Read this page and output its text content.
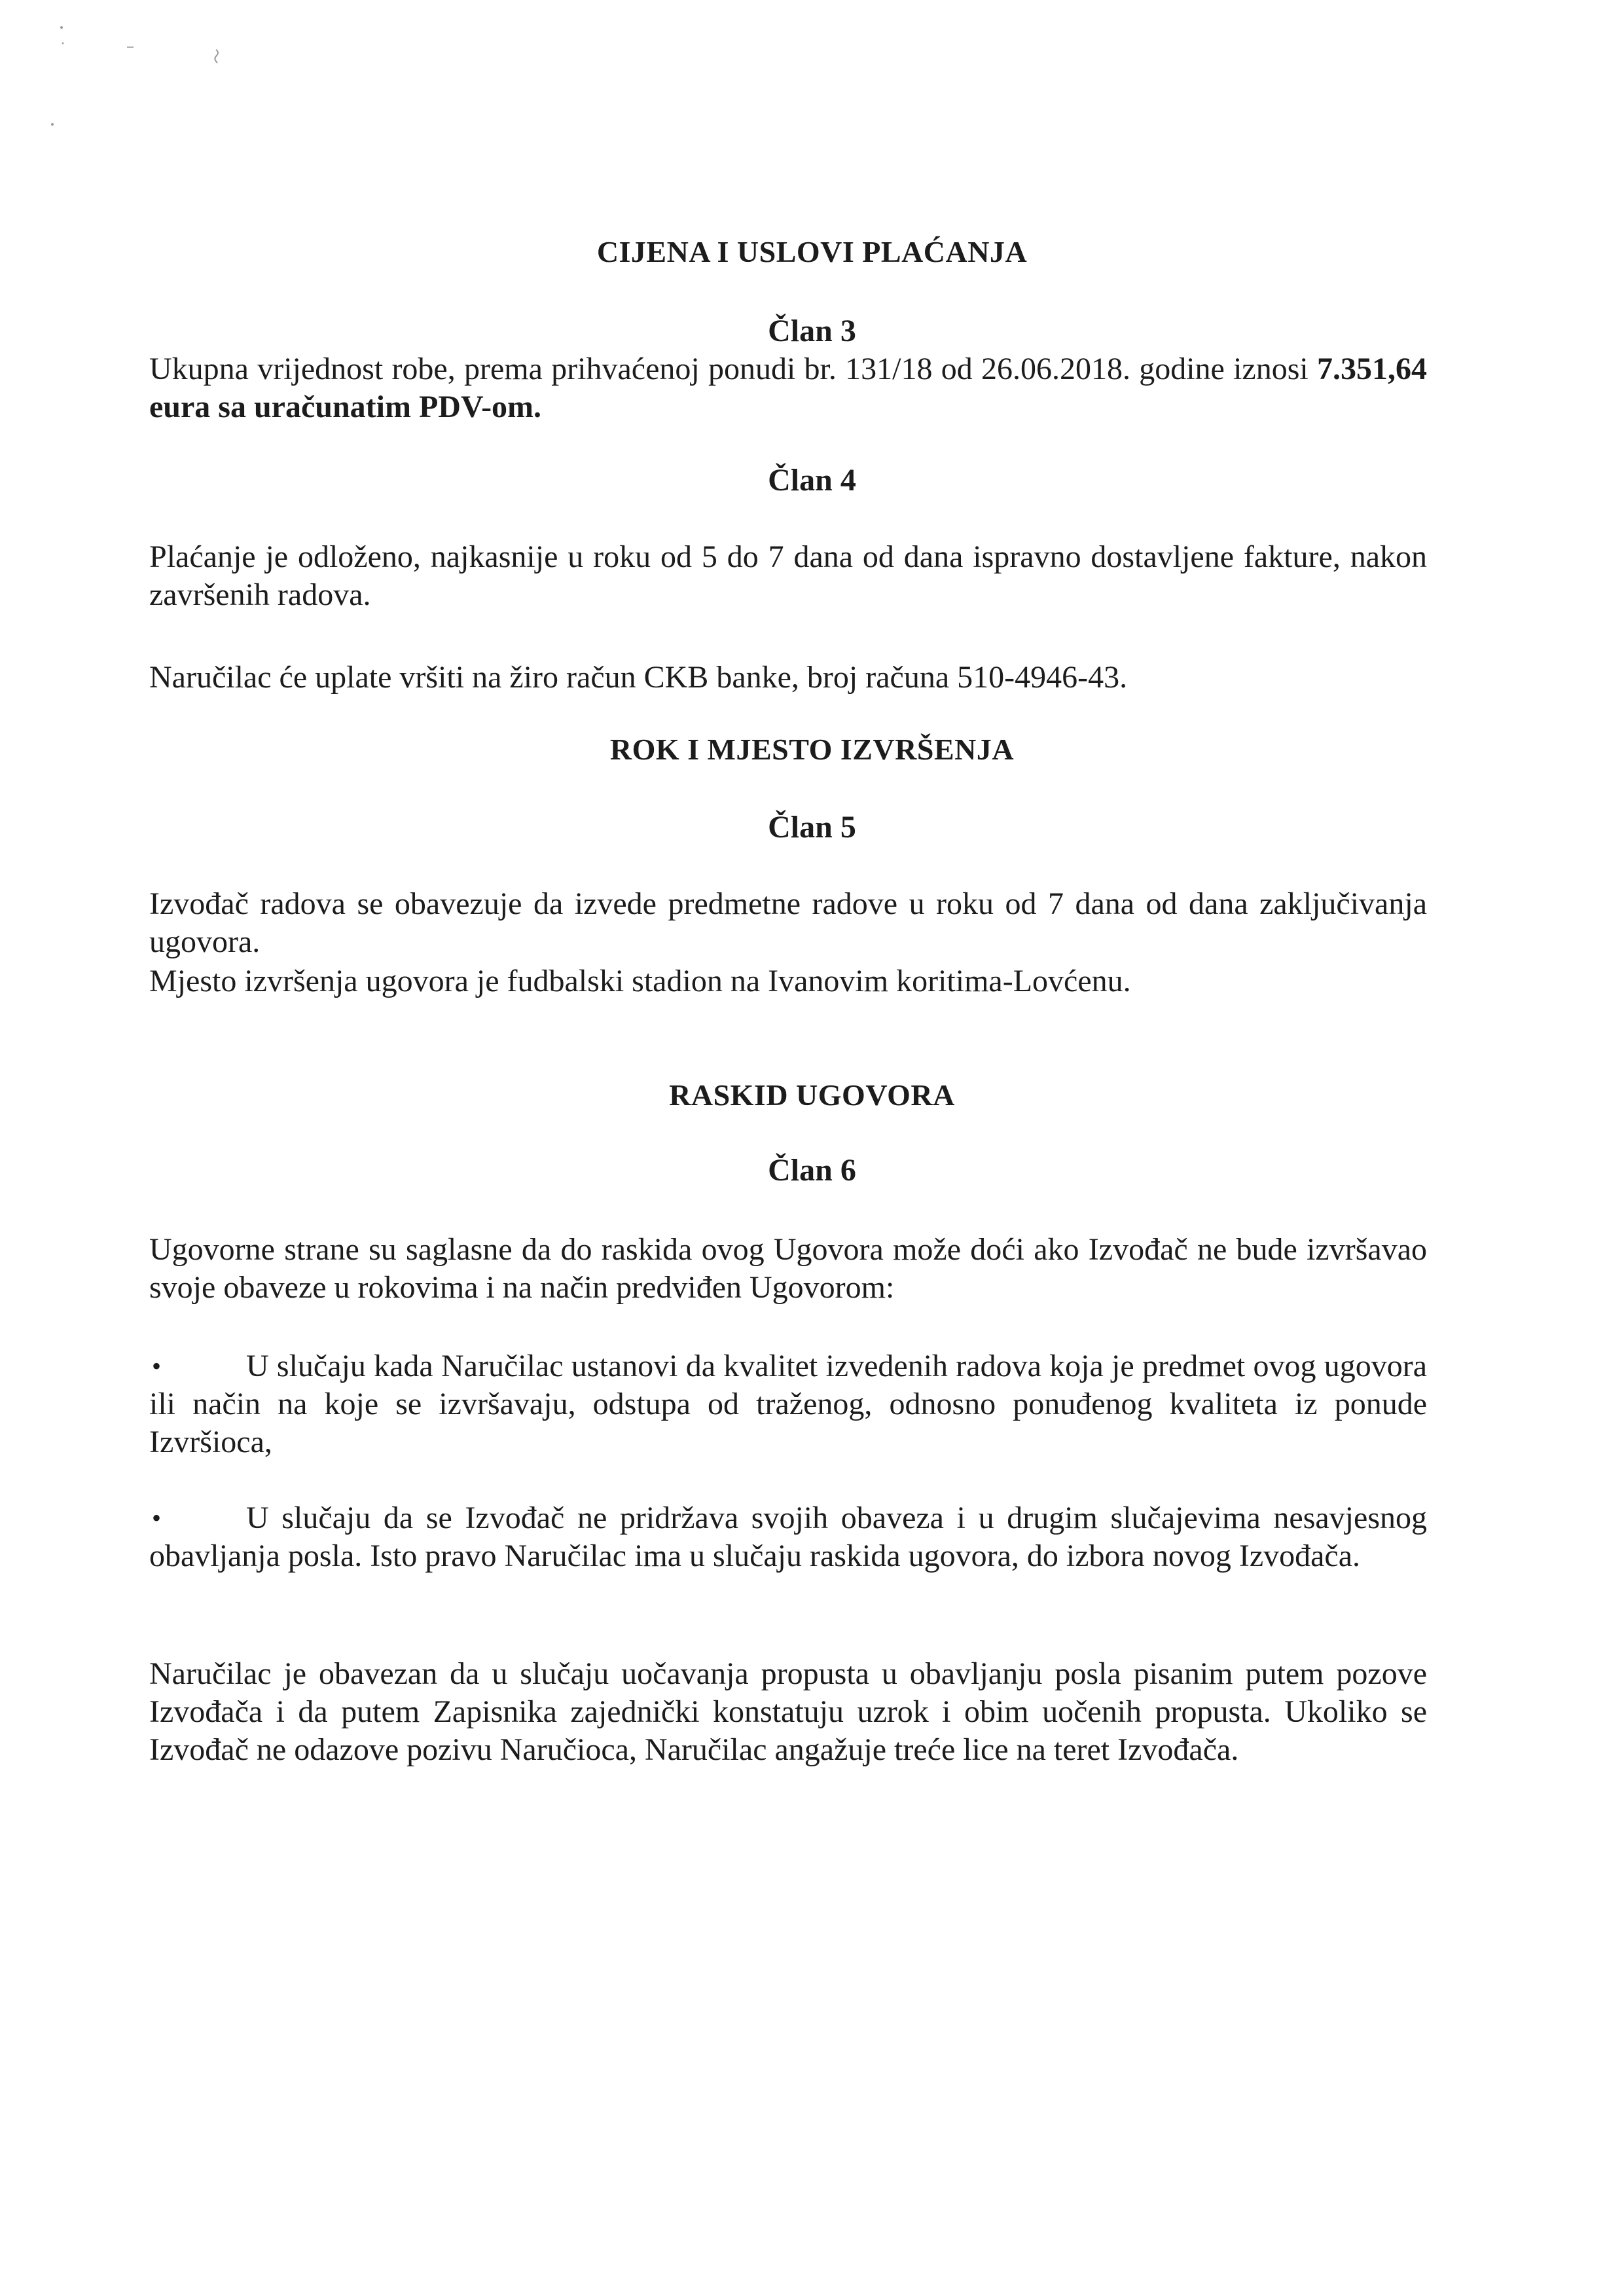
CIJENA I USLOVI PLAĆANJA
Član 3

Ukupna vrijednost robe, prema prihvaćenoj ponudi br. 131/18 od 26.06.2018. godine iznosi 7.351,64 eura sa uračunatim PDV-om.

Član 4

Plaćanje je odloženo, najkasnije u roku od 5 do 7 dana od dana ispravno dostavljene fakture, nakon završenih radova.

Naručilac će uplate vršiti na žiro račun CKB banke, broj računa 510-4946-43.

ROK I MJESTO IZVRŠENJA
Član 5

Izvođač radova se obavezuje da izvede predmetne radove u roku od 7 dana od dana zaključivanja ugovora.

Mjesto izvršenja ugovora je fudbalski stadion na Ivanovim koritima-Lovćenu.

RASKID UGOVORA
Član 6

Ugovorne strane su saglasne da do raskida ovog Ugovora može doći ako Izvođač ne bude izvršavao svoje obaveze u rokovima i na način predviđen Ugovorom:

•	U slučaju kada Naručilac ustanovi da kvalitet izvedenih radova koja je predmet ovog ugovora ili način na koje se izvršavaju, odstupa od traženog, odnosno ponuđenog kvaliteta iz ponude Izvršioca,

•	U slučaju da se Izvođač ne pridržava svojih obaveza i u drugim slučajevima nesavjesnog obavljanja posla. Isto pravo Naručilac ima u slučaju raskida ugovora, do izbora novog Izvođača.

Naručilac je obavezan da u slučaju uočavanja propusta u obavljanju posla pisanim putem pozove Izvođača i da putem Zapisnika zajednički konstatuju uzrok i obim uočenih propusta. Ukoliko se Izvođač ne odazove pozivu Naručioca, Naručilac angažuje treće lice na teret Izvođača.
